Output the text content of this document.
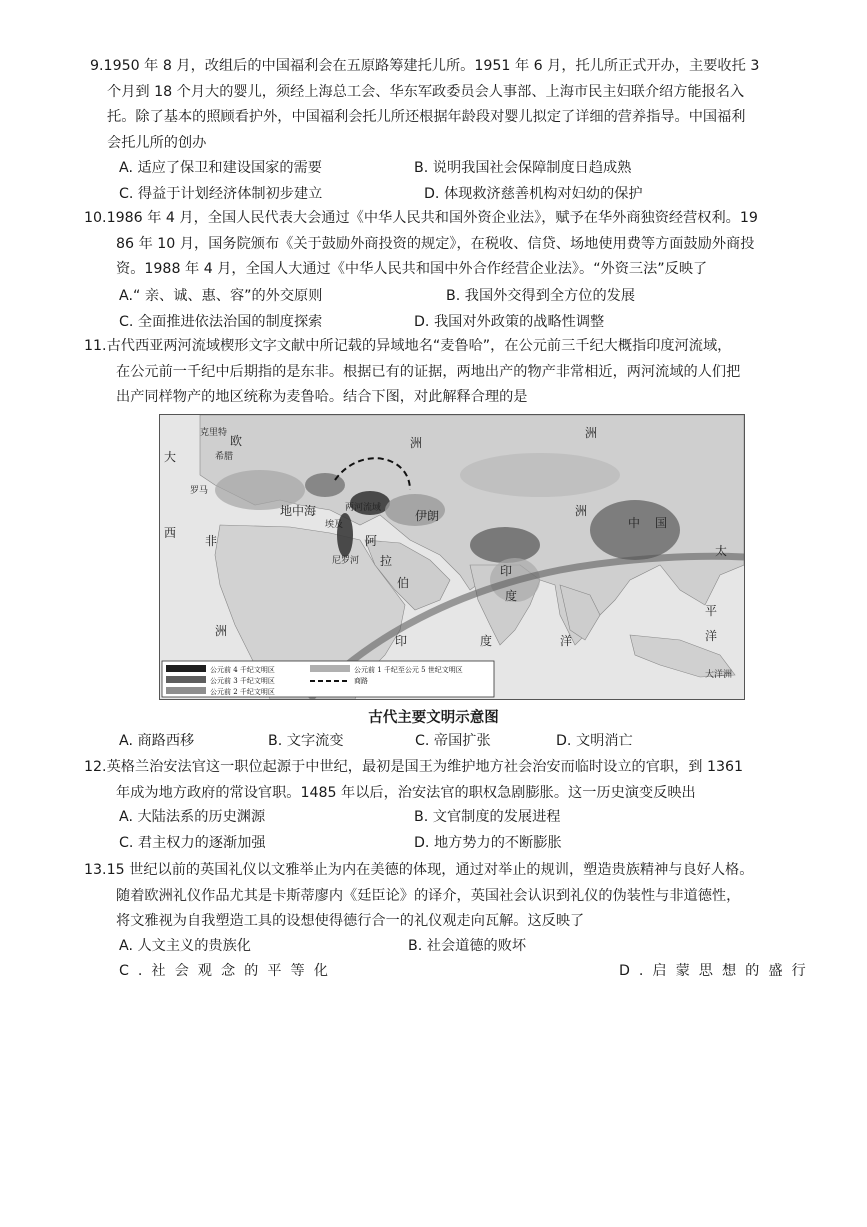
9.1950 年 8 月，改组后的中国福利会在五原路筹建托儿所。1951 年 6 月，托儿所正式开办，主要收托 3
个月到 18 个月大的婴儿，须经上海总工会、华东军政委员会人事部、上海市民主妇联介绍方能报名入
托。除了基本的照顾看护外，中国福利会托儿所还根据年龄段对婴儿拟定了详细的营养指导。中国福利
会托儿所的创办
A. 适应了保卫和建设国家的需要	B. 说明我国社会保障制度日趋成熟
C. 得益于计划经济体制初步建立	D. 体现救济慈善机构对妇幼的保护
10.1986 年 4 月，全国人民代表大会通过《中华人民共和国外资企业法》，赋予在华外商独资经营权利。19
86 年 10 月，国务院颁布《关于鼓励外商投资的规定》，在税收、信贷、场地使用费等方面鼓励外商投
资。1988 年 4 月，全国人大通过《中华人民共和国中外合作经营企业法》。“外资三法”反映了
A.“ 亲、诚、惠、容”的外交原则	B. 我国外交得到全方位的发展
C. 全面推进依法治国的制度探索	D. 我国对外政策的战略性调整
11.古代西亚两河流域楔形文字文献中所记载的异域地名“麦鲁哈”，在公元前三千纪大概指印度河流域，
在公元前一千纪中后期指的是东非。根据已有的证据，两地出产的物产非常相近，两河流域的人们把
出产同样物产的地区统称为麦鲁哈。结合下图，对此解释合理的是
大
西
欧	洲
克里特
希腊
罗马
两河流域
地中海
洲
伊朗
非
洲
尼罗河
埃及
阿
拉
伯
印
度
印	度	洋
中 国
洲
太
平
洋
大洋洲
公元前 4 千纪文明区
公元前 3 千纪文明区
公元前 2 千纪文明区
公元前 1 千纪至公元 5 世纪文明区
商路
古代主要文明示意图
A. 商路西移	B. 文字流变	C. 帝国扩张	D. 文明消亡
12.英格兰治安法官这一职位起源于中世纪，最初是国王为维护地方社会治安而临时设立的官职，到 1361
年成为地方政府的常设官职。1485 年以后，治安法官的职权急剧膨胀。这一历史演变反映出
A. 大陆法系的历史渊源	B. 文官制度的发展进程
C. 君主权力的逐渐加强	D. 地方势力的不断膨胀
13.15 世纪以前的英国礼仪以文雅举止为内在美德的体现，通过对举止的规训，塑造贵族精神与良好人格。
随着欧洲礼仪作品尤其是卡斯蒂廖内《廷臣论》的译介，英国社会认识到礼仪的伪装性与非道德性，
将文雅视为自我塑造工具的设想使得德行合一的礼仪观走向瓦解。这反映了
A. 人文主义的贵族化	B. 社会道德的败坏
C.社会观念的平等化	D.启蒙思想的盛行
